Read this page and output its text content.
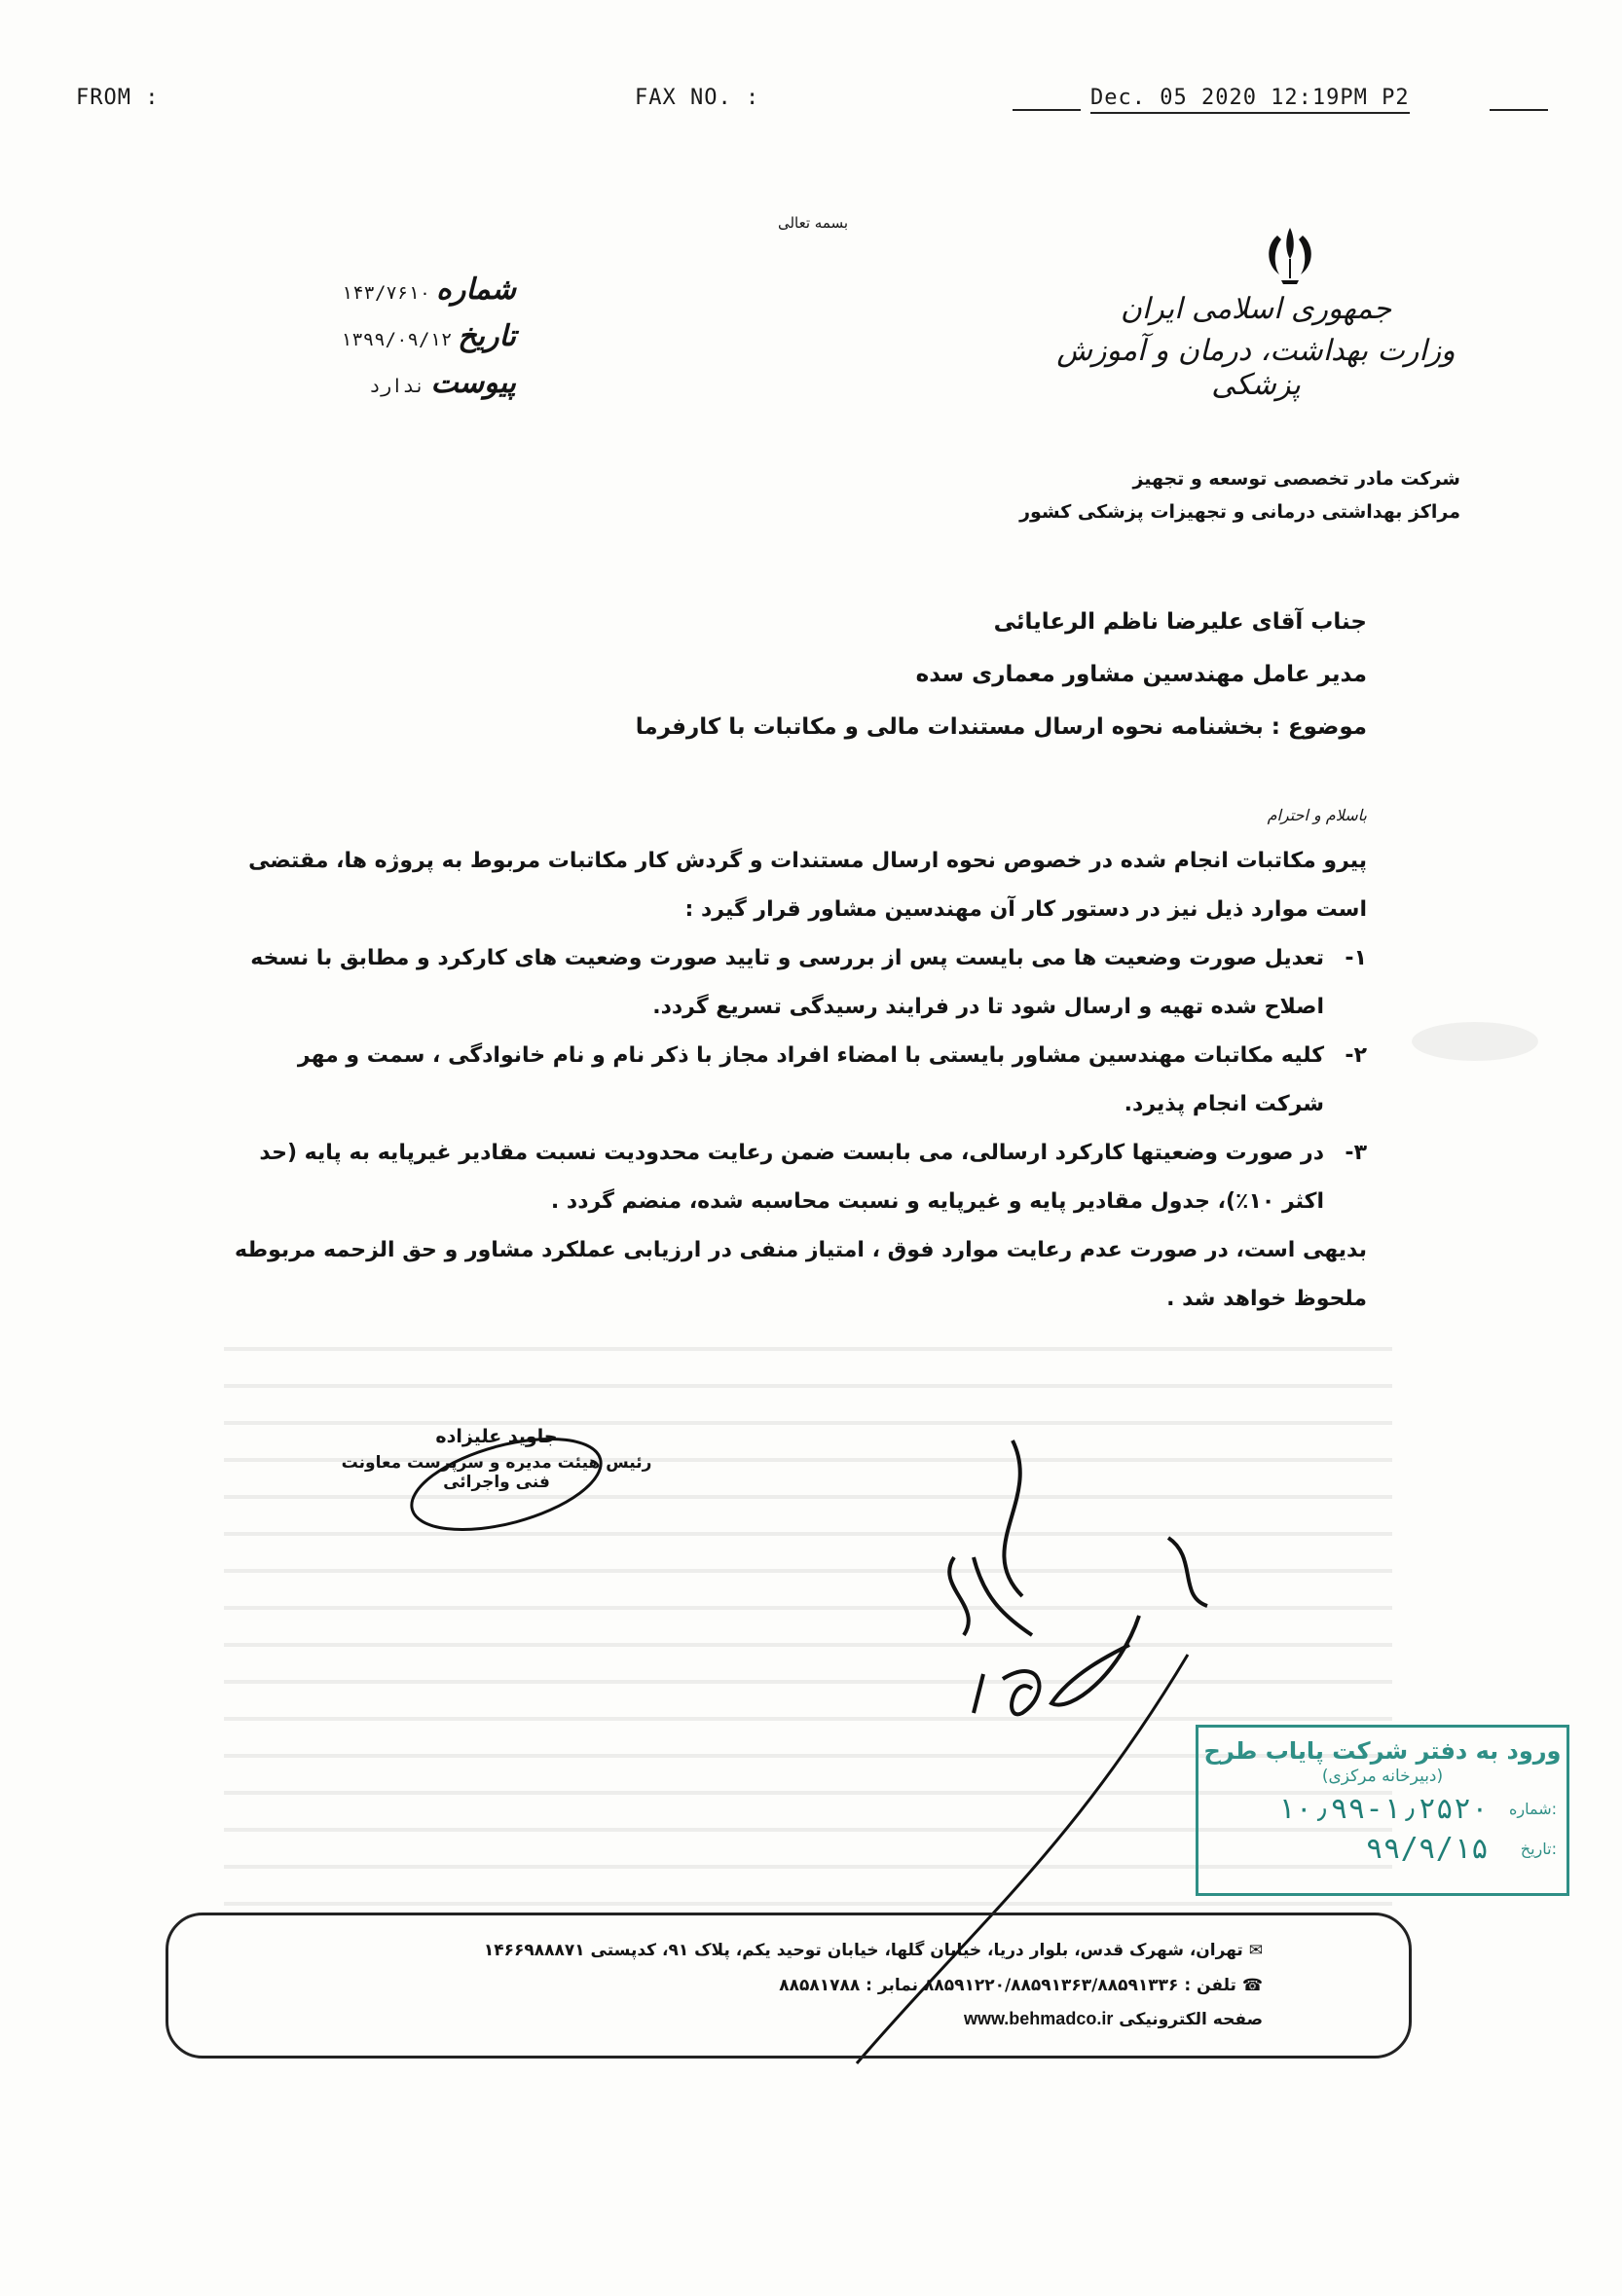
FROM :	FAX NO. :	Dec. 05 2020 12:19PM P2
بسمه تعالی
جمهوری اسلامی ایران
وزارت بهداشت، درمان و آموزش پزشکی
شماره
۱۴۳/۷۶۱۰
تاریخ
۱۳۹۹/۰۹/۱۲
پیوست
ندارد
شرکت مادر تخصصی توسعه و تجهیز
مراکز بهداشتی درمانی و تجهیزات پزشکی کشور
جناب آقای علیرضا ناظم الرعایائی
مدیر عامل مهندسین مشاور معماری سده
موضوع : بخشنامه نحوه ارسال مستندات مالی و مکاتبات با کارفرما
باسلام و احترام

پیرو مکاتبات انجام شده در خصوص نحوه ارسال مستندات و گردش کار مکاتبات مربوط به پروژه ها، مقتضی است موارد ذیل نیز در دستور کار آن مهندسین مشاور قرار گیرد :

۱-
تعدیل صورت وضعیت ها می بایست پس از بررسی و تایید صورت وضعیت های کارکرد و مطابق با نسخه اصلاح شده تهیه و ارسال شود تا در فرایند رسیدگی تسریع گردد.

۲-
کلیه مکاتبات مهندسین مشاور بایستی با امضاء افراد مجاز با ذکر نام و نام خانوادگی ، سمت و مهر شرکت انجام پذیرد.

۳-
در صورت وضعیتها کارکرد ارسالی، می بابست ضمن رعایت محدودیت نسبت مقادیر غیرپایه به پایه (حد اکثر ۱۰٪)، جدول مقادیر پایه و غیرپایه و نسبت محاسبه شده، منضم گردد .

بدیهی است، در صورت عدم رعایت موارد فوق ، امتیاز منفی در ارزیابی عملکرد مشاور و حق الزحمه مربوطه ملحوظ خواهد شد .

جاوید علیزاده
رئیس هیئت مدیره و سرپرست معاونت فنی واجرائی
ورود به دفتر شرکت پایاب طرح
(دبیرخانه مرکزی)
شماره:
۱۰٫۹۹-۱٫۲۵۲۰
تاریخ:
۹۹/۹/۱۵
✉ تهران، شهرک قدس، بلوار دریا، خیابان گلها، خیابان توحید یکم، پلاک ۹۱، کدپستی ۱۴۶۶۹۸۸۸۷۱
☎ تلفن : ۸۸۵۹۱۲۲۰/۸۸۵۹۱۳۶۳/۸۸۵۹۱۳۳۶ نمابر : ۸۸۵۸۱۷۸۸
صفحه الکترونیکی www.behmadco.ir
